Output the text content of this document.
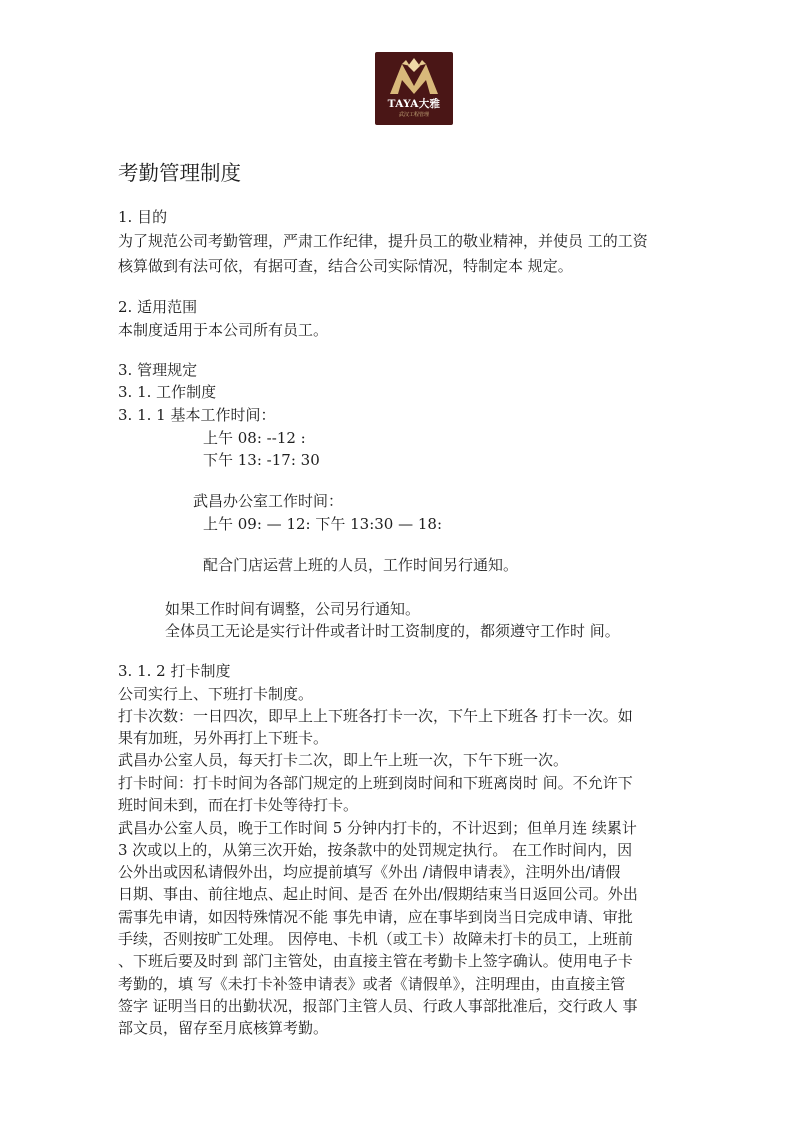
TAYA大雅
武汉工程管理
考勤管理制度
1. 目的
为了规范公司考勤管理，严肃工作纪律，提升员工的敬业精神，并使员 工的工资
核算做到有法可依，有据可查，结合公司实际情况，特制定本 规定。
2. 适用范围
本制度适用于本公司所有员工。
3. 管理规定
3. 1. 工作制度
3. 1. 1 基本工作时间：
上午 08: --12 :
下午 13: -17: 30
武昌办公室工作时间：
上午 09: — 12: 下午 13:30 — 18:
配合门店运营上班的人员，工作时间另行通知。
如果工作时间有调整，公司另行通知。
全体员工无论是实行计件或者计时工资制度的，都须遵守工作时 间。
3. 1. 2 打卡制度
公司实行上、下班打卡制度。
打卡次数：一日四次，即早上上下班各打卡一次，下午上下班各 打卡一次。如
果有加班，另外再打上下班卡。
武昌办公室人员，每天打卡二次，即上午上班一次，下午下班一次。
打卡时间：打卡时间为各部门规定的上班到岗时间和下班离岗时 间。不允许下
班时间未到，而在打卡处等待打卡。
武昌办公室人员，晚于工作时间 5 分钟内打卡的，不计迟到；但单月连 续累计
3 次或以上的，从第三次开始，按条款中的处罚规定执行。 在工作时间内，因
公外出或因私请假外出，均应提前填写《外出 /请假申请表》，注明外出/请假
日期、事由、前往地点、起止时间、是否 在外出/假期结束当日返回公司。外出
需事先申请，如因特殊情况不能 事先申请，应在事毕到岗当日完成申请、审批
手续，否则按旷工处理。 因停电、卡机（或工卡）故障未打卡的员工，上班前
、下班后要及时到 部门主管处，由直接主管在考勤卡上签字确认。使用电子卡
考勤的，填 写《未打卡补签申请表》或者《请假单》，注明理由，由直接主管
签字 证明当日的出勤状况，报部门主管人员、行政人事部批准后，交行政人 事
部文员，留存至月底核算考勤。
